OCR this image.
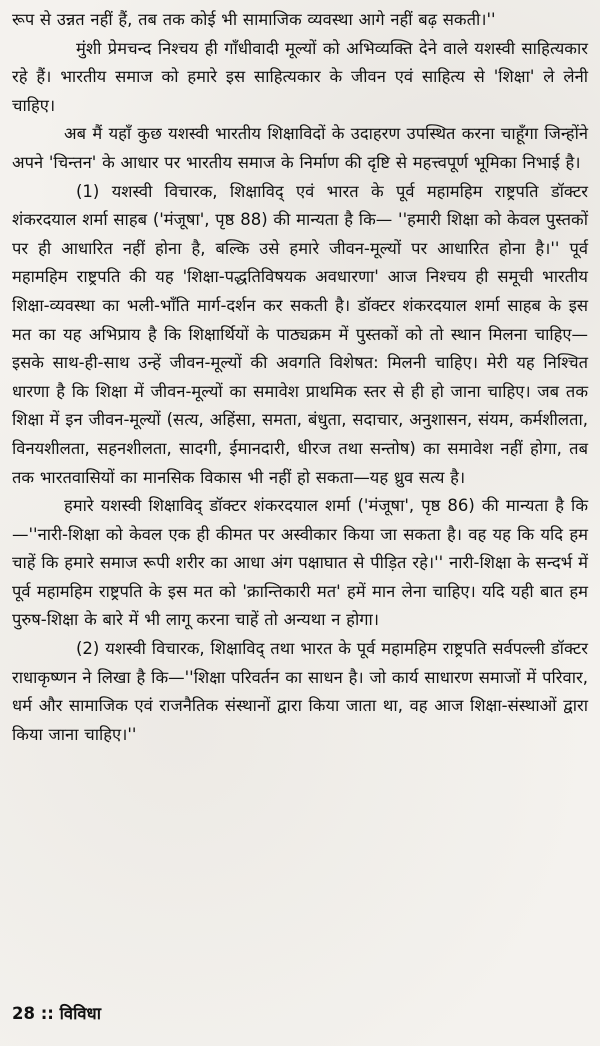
रूप से उन्नत नहीं हैं, तब तक कोई भी सामाजिक व्यवस्था आगे नहीं बढ़ सकती।''

मुंशी प्रेमचन्द निश्चय ही गाँधीवादी मूल्यों को अभिव्यक्ति देने वाले यशस्वी साहित्यकार रहे हैं। भारतीय समाज को हमारे इस साहित्यकार के जीवन एवं साहित्य से 'शिक्षा' ले लेनी चाहिए।

अब मैं यहाँ कुछ यशस्वी भारतीय शिक्षाविदों के उदाहरण उपस्थित करना चाहूँगा जिन्होंने अपने 'चिन्तन' के आधार पर भारतीय समाज के निर्माण की दृष्टि से महत्त्वपूर्ण भूमिका निभाई है।

(1) यशस्वी विचारक, शिक्षाविद् एवं भारत के पूर्व महामहिम राष्ट्रपति डॉक्टर शंकरदयाल शर्मा साहब ('मंजूषा', पृष्ठ 88) की मान्यता है कि— ''हमारी शिक्षा को केवल पुस्तकों पर ही आधारित नहीं होना है, बल्कि उसे हमारे जीवन-मूल्यों पर आधारित होना है।'' पूर्व महामहिम राष्ट्रपति की यह 'शिक्षा-पद्धतिविषयक अवधारणा' आज निश्चय ही समूची भारतीय शिक्षा-व्यवस्था का भली-भाँति मार्ग-दर्शन कर सकती है। डॉक्टर शंकरदयाल शर्मा साहब के इस मत का यह अभिप्राय है कि शिक्षार्थियों के पाठ्यक्रम में पुस्तकों को तो स्थान मिलना चाहिए—इसके साथ-ही-साथ उन्हें जीवन-मूल्यों की अवगति विशेषत: मिलनी चाहिए। मेरी यह निश्चित धारणा है कि शिक्षा में जीवन-मूल्यों का समावेश प्राथमिक स्तर से ही हो जाना चाहिए। जब तक शिक्षा में इन जीवन-मूल्यों (सत्य, अहिंसा, समता, बंधुता, सदाचार, अनुशासन, संयम, कर्मशीलता, विनयशीलता, सहनशीलता, सादगी, ईमानदारी, धीरज तथा सन्तोष) का समावेश नहीं होगा, तब तक भारतवासियों का मानसिक विकास भी नहीं हो सकता—यह ध्रुव सत्य है।

हमारे यशस्वी शिक्षाविद् डॉक्टर शंकरदयाल शर्मा ('मंजूषा', पृष्ठ 86) की मान्यता है कि—''नारी-शिक्षा को केवल एक ही कीमत पर अस्वीकार किया जा सकता है। वह यह कि यदि हम चाहें कि हमारे समाज रूपी शरीर का आधा अंग पक्षाघात से पीड़ित रहे।'' नारी-शिक्षा के सन्दर्भ में पूर्व महामहिम राष्ट्रपति के इस मत को 'क्रान्तिकारी मत' हमें मान लेना चाहिए। यदि यही बात हम पुरुष-शिक्षा के बारे में भी लागू करना चाहें तो अन्यथा न होगा।

(2) यशस्वी विचारक, शिक्षाविद् तथा भारत के पूर्व महामहिम राष्ट्रपति सर्वपल्ली डॉक्टर राधाकृष्णन ने लिखा है कि—''शिक्षा परिवर्तन का साधन है। जो कार्य साधारण समाजों में परिवार, धर्म और सामाजिक एवं राजनैतिक संस्थानों द्वारा किया जाता था, वह आज शिक्षा-संस्थाओं द्वारा किया जाना चाहिए।''

28 :: विविधा
